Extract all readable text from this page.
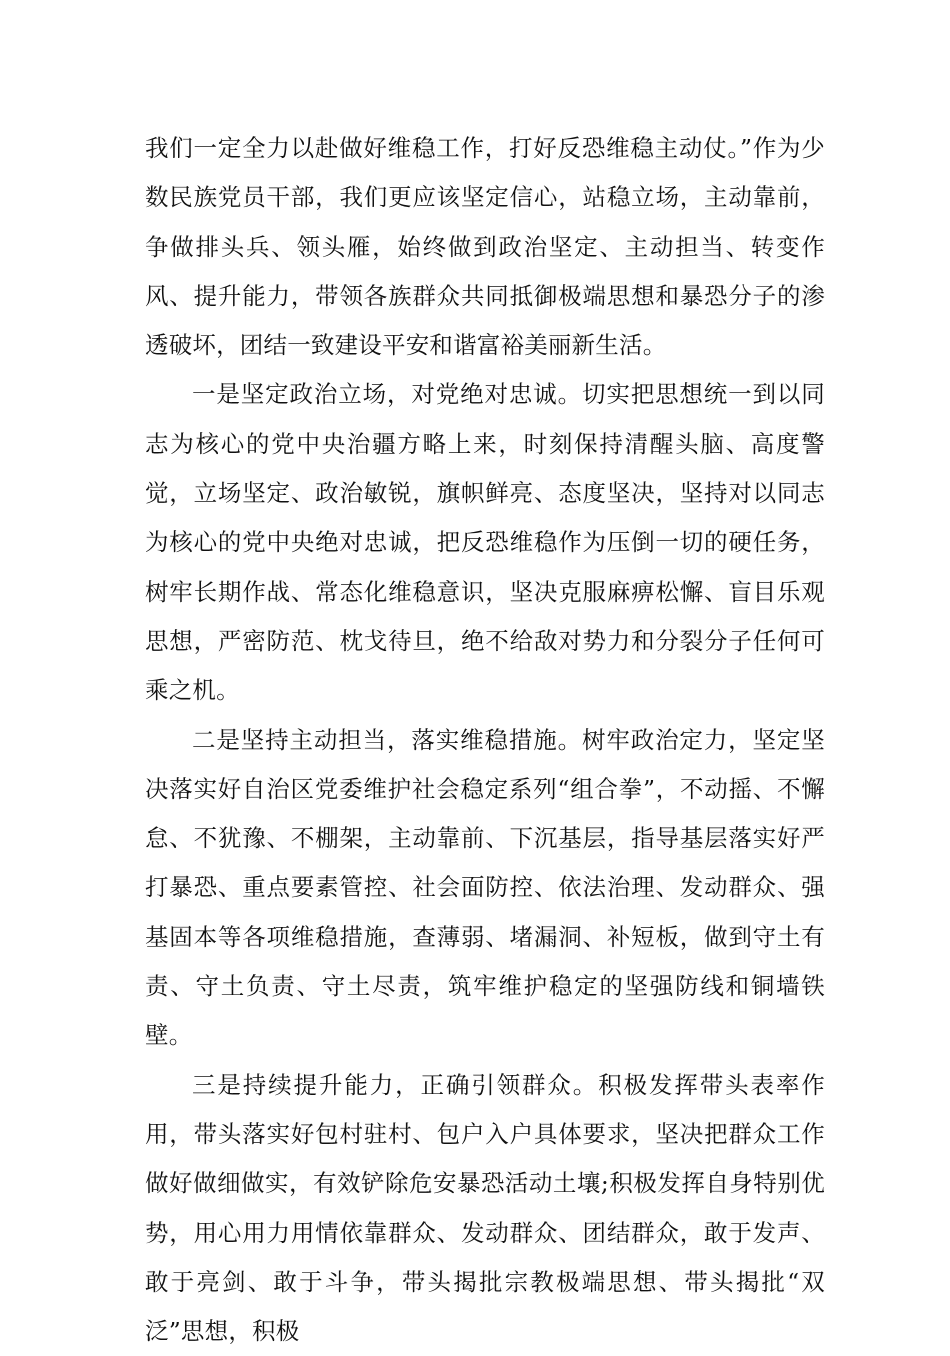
我们一定全力以赴做好维稳工作，打好反恐维稳主动仗。”作为少数民族党员干部，我们更应该坚定信心，站稳立场，主动靠前，争做排头兵、领头雁，始终做到政治坚定、主动担当、转变作风、提升能力，带领各族群众共同抵御极端思想和暴恐分子的渗透破坏，团结一致建设平安和谐富裕美丽新生活。

一是坚定政治立场，对党绝对忠诚。切实把思想统一到以同志为核心的党中央治疆方略上来，时刻保持清醒头脑、高度警觉，立场坚定、政治敏锐，旗帜鲜亮、态度坚决，坚持对以同志为核心的党中央绝对忠诚，把反恐维稳作为压倒一切的硬任务，树牢长期作战、常态化维稳意识，坚决克服麻痹松懈、盲目乐观思想，严密防范、枕戈待旦，绝不给敌对势力和分裂分子任何可乘之机。

二是坚持主动担当，落实维稳措施。树牢政治定力，坚定坚决落实好自治区党委维护社会稳定系列“组合拳”，不动摇、不懈怠、不犹豫、不棚架，主动靠前、下沉基层，指导基层落实好严打暴恐、重点要素管控、社会面防控、依法治理、发动群众、强基固本等各项维稳措施，查薄弱、堵漏洞、补短板，做到守土有责、守土负责、守土尽责，筑牢维护稳定的坚强防线和铜墙铁壁。

三是持续提升能力，正确引领群众。积极发挥带头表率作用，带头落实好包村驻村、包户入户具体要求，坚决把群众工作做好做细做实，有效铲除危安暴恐活动土壤;积极发挥自身特别优势，用心用力用情依靠群众、发动群众、团结群众，敢于发声、敢于亮剑、敢于斗争，带头揭批宗教极端思想、带头揭批“双泛”思想，积极
